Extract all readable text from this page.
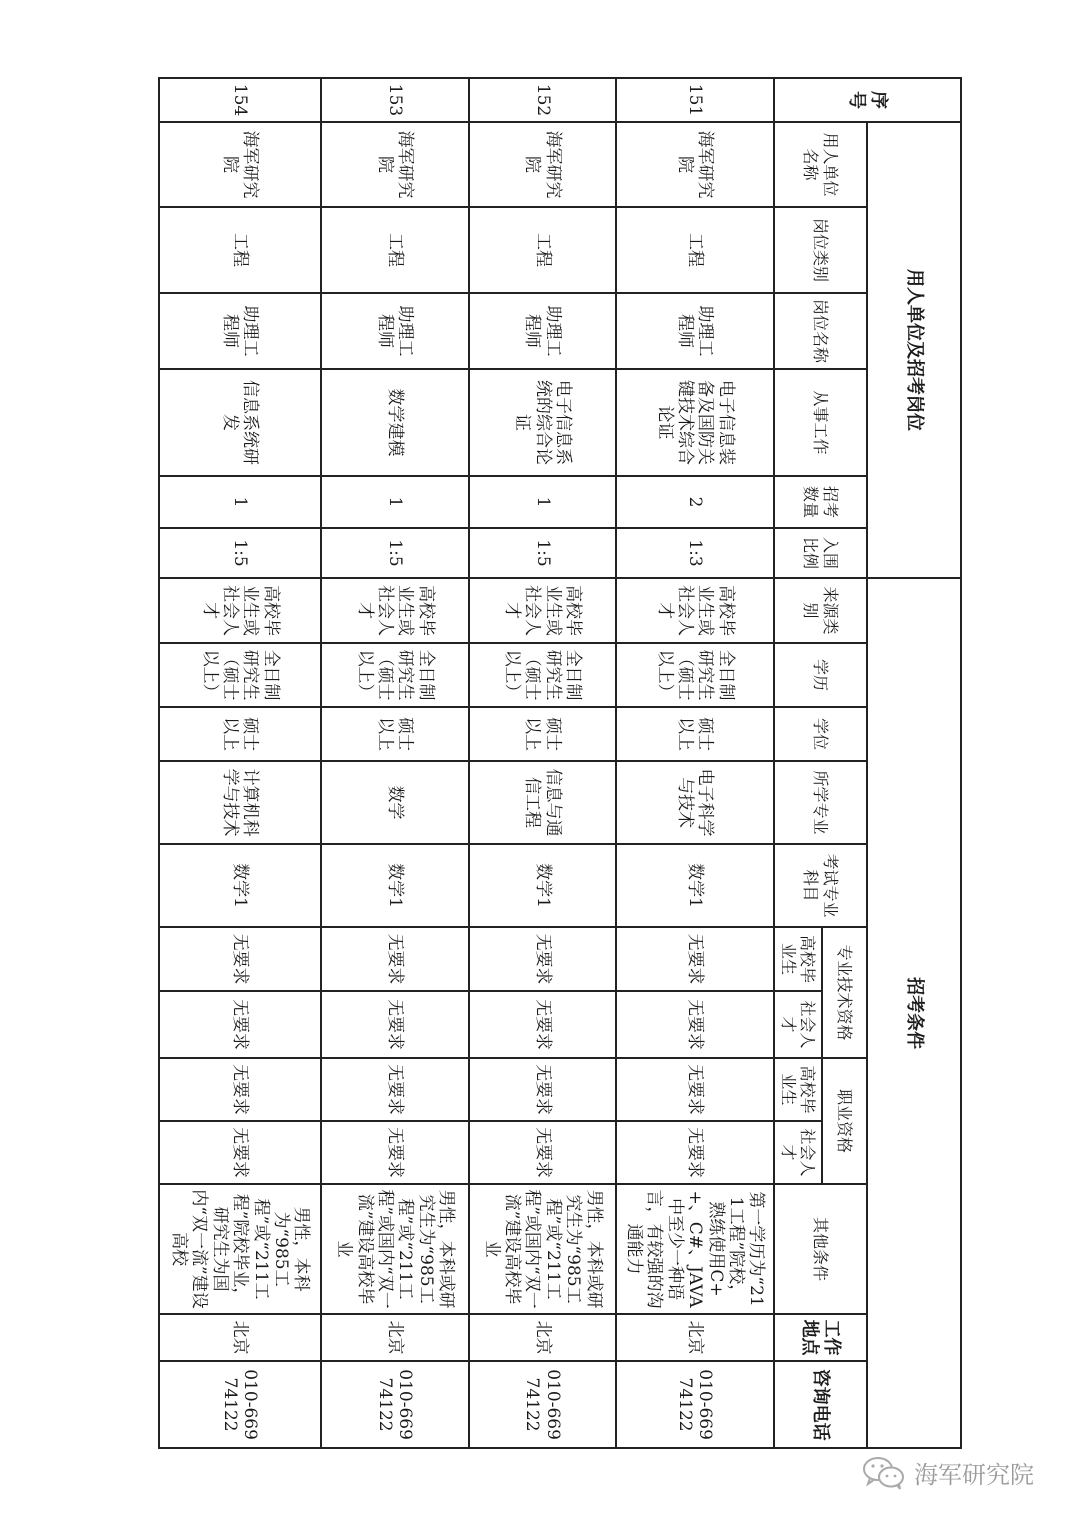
序号	用人单位及招考岗位						招考条件											
	用人单位名称	岗位类别	岗位名称	从事工作	招考数量	入围比例	来源类别	学历	学位	所学专业	考试专业科目	专业技术资格		职业资格		其他条件	工作地点	咨询电话
												高校毕业生	社会人才	高校毕业生	社会人才			
151	海军研究院	工程	助理工程师	电子信息装备及国防关键技术综合论证	2	1:3	高校毕业生或社会人才	全日制研究生（硕士以上）	硕士以上	电子科学与技术	数学1	无要求	无要求	无要求	无要求	第一学历为“211工程”院校，熟练使用C++、C#、JAVA中至少一种语言，有较强的沟通能力	北京	010-66974122
152	海军研究院	工程	助理工程师	电子信息系统的综合论证	1	1:5	高校毕业生或社会人才	全日制研究生（硕士以上）	硕士以上	信息与通信工程	数学1	无要求	无要求	无要求	无要求	男性，本科或研究生为“985工程”或“211工程”或国内“双一流”建设高校毕业	北京	010-66974122
153	海军研究院	工程	助理工程师	数学建模	1	1:5	高校毕业生或社会人才	全日制研究生（硕士以上）	硕士以上	数学	数学1	无要求	无要求	无要求	无要求	男性，本科或研究生为“985工程”或“211工程”或国内“双一流”建设高校毕业	北京	010-66974122
154	海军研究院	工程	助理工程师	信息系统研发	1	1:5	高校毕业生或社会人才	全日制研究生（硕士以上）	硕士以上	计算机科学与技术	数学1	无要求	无要求	无要求	无要求	男性，本科为“985工程”或“211工程”院校毕业，研究生为国内“双一流”建设高校	北京	010-66974122
海军研究院
